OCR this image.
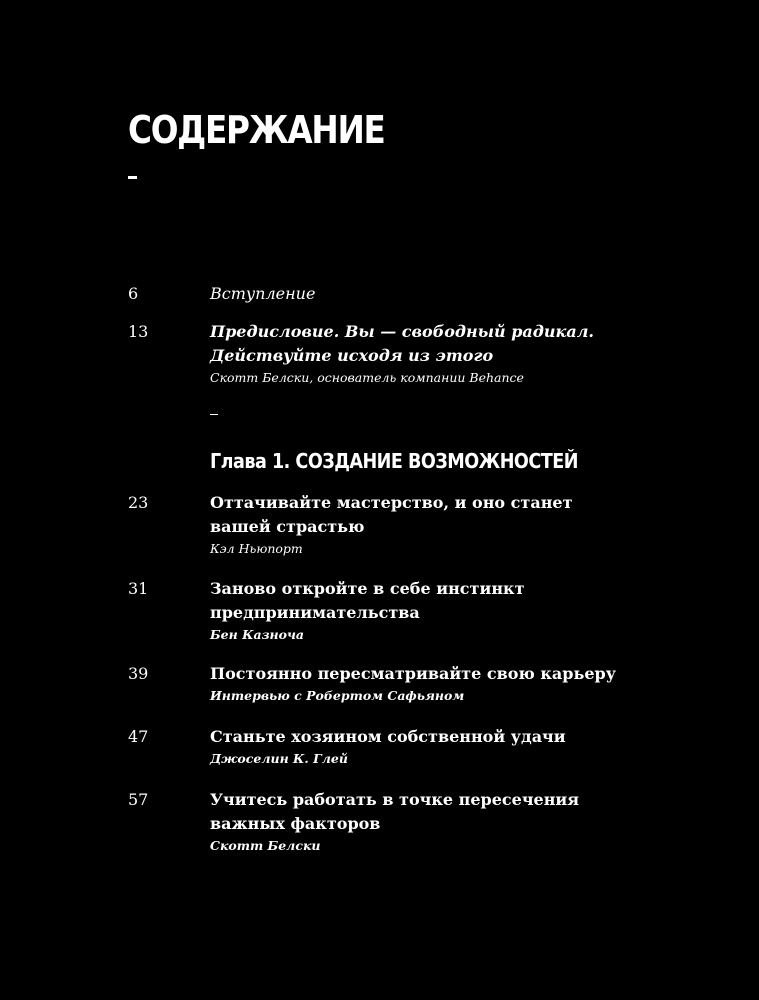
СОДЕРЖАНИЕ
6	Вступление
13	Предисловие. Вы — свободный радикал.
Действуйте исходя из этого
Скотт Белски, основатель компании Behance
Глава 1. СОЗДАНИЕ ВОЗМОЖНОСТЕЙ
23	Оттачивайте мастерство, и оно станет
вашей страстью
Кэл Ньюпорт
31	Заново откройте в себе инстинкт
предпринимательства
Бен Казноча
39	Постоянно пересматривайте свою карьеру
Интервью с Робертом Сафьяном
47	Станьте хозяином собственной удачи
Джоселин К. Глей
57	Учитесь работать в точке пересечения
важных факторов
Скотт Белски
